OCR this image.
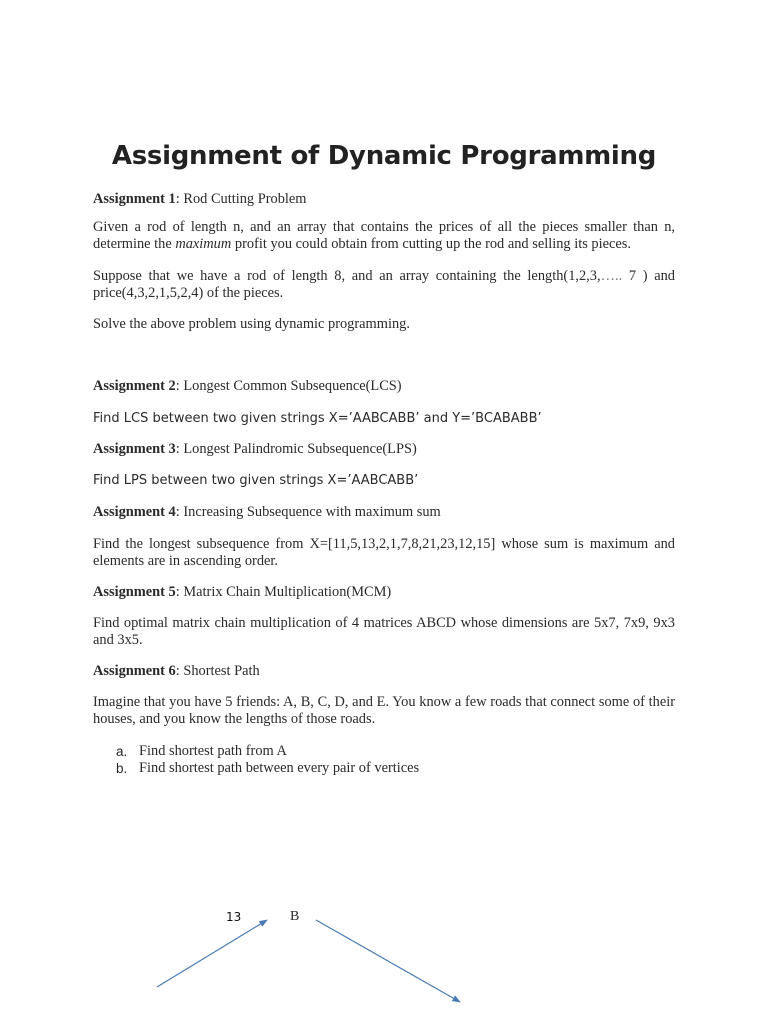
Assignment of Dynamic Programming
Assignment 1: Rod Cutting Problem
Given a rod of length n, and an array that contains the prices of all the pieces smaller than n, determine the maximum profit you could obtain from cutting up the rod and selling its pieces.
Suppose that we have a rod of length 8, and an array containing the length(1,2,3,….. 7 ) and price(4,3,2,1,5,2,4) of the pieces.
Solve the above problem using dynamic programming.
Assignment 2: Longest Common Subsequence(LCS)
Find LCS between two given strings X=’AABCABB’ and Y=’BCABABB’
Assignment 3: Longest Palindromic Subsequence(LPS)
Find LPS between two given strings X=’AABCABB’
Assignment 4: Increasing Subsequence with maximum sum
Find the longest subsequence from X=[11,5,13,2,1,7,8,21,23,12,15] whose sum is maximum and elements are in ascending order.
Assignment 5: Matrix Chain Multiplication(MCM)
Find optimal matrix chain multiplication of 4 matrices ABCD whose dimensions are 5x7, 7x9, 9x3 and 3x5.
Assignment 6: Shortest Path
Imagine that you have 5 friends: A, B, C, D, and E. You know a few roads that connect some of their houses, and you know the lengths of those roads.
a. Find shortest path from A
b. Find shortest path between every pair of vertices
13	B
